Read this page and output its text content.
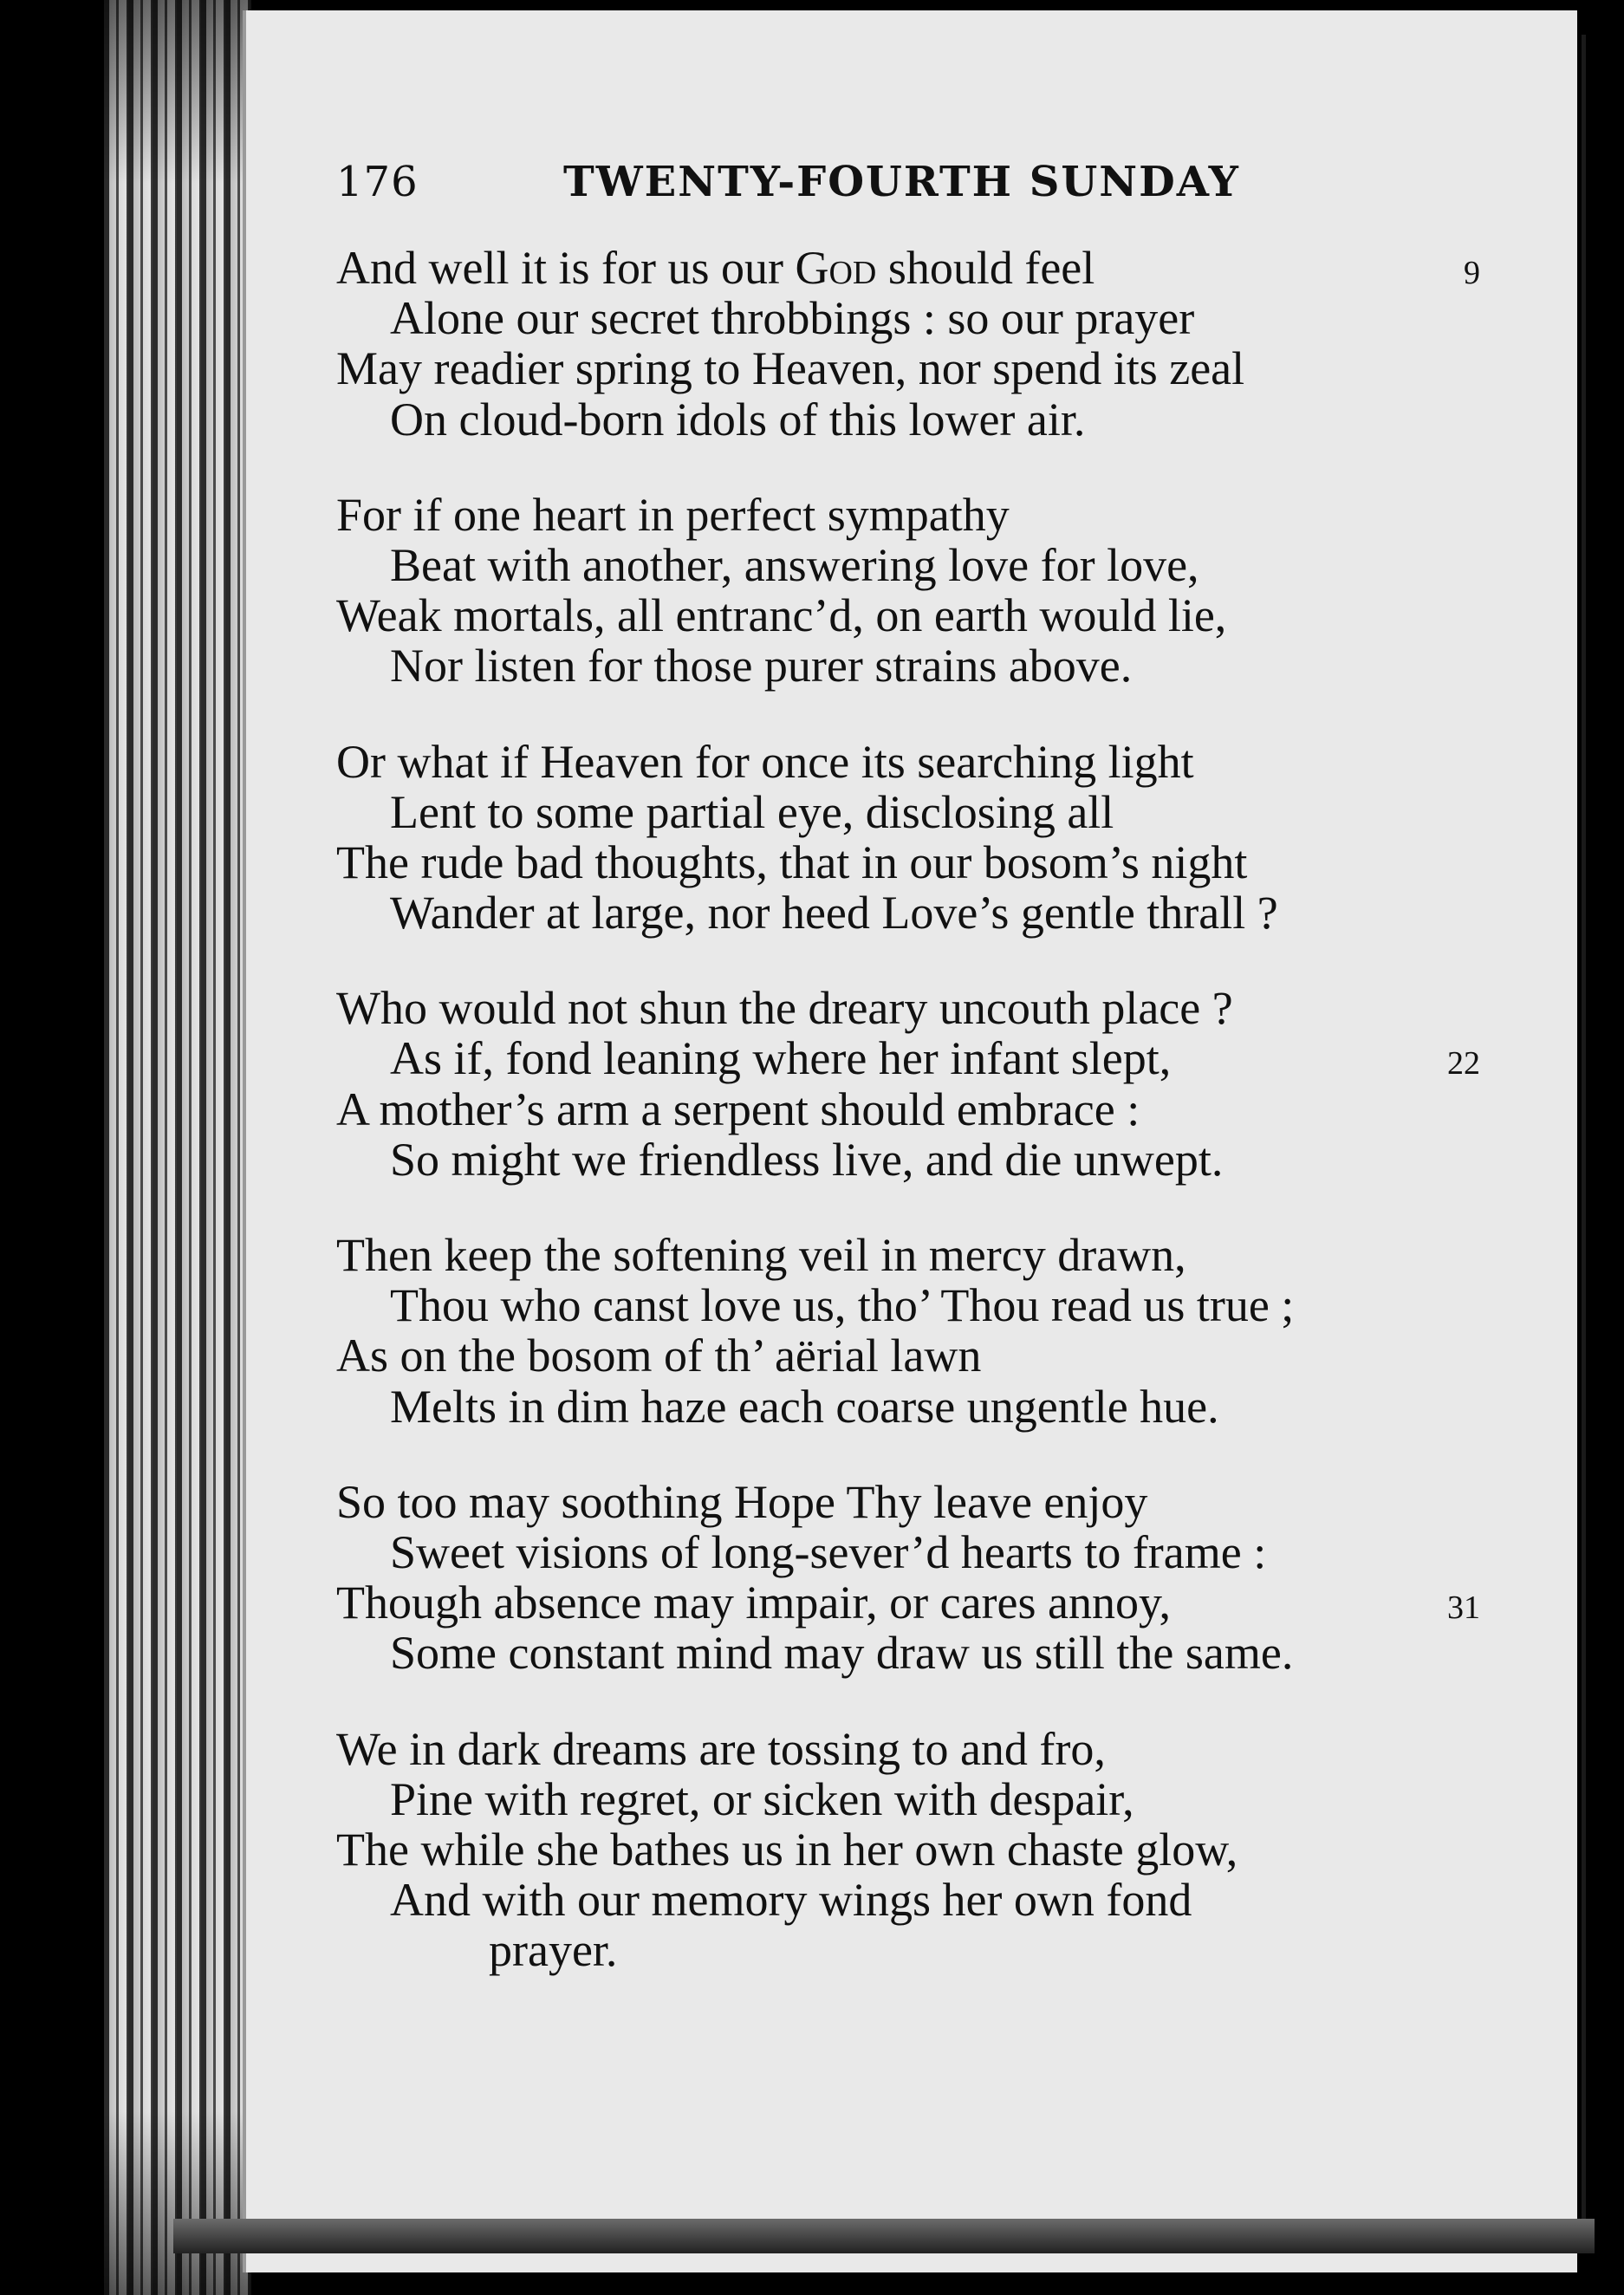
176	TWENTY-FOURTH SUNDAY
And well it is for us our God should feel	9
Alone our secret throbbings : so our prayer
May readier spring to Heaven, nor spend its zeal
On cloud-born idols of this lower air.
For if one heart in perfect sympathy
Beat with another, answering love for love,
Weak mortals, all entranc’d, on earth would lie,
Nor listen for those purer strains above.
Or what if Heaven for once its searching light
Lent to some partial eye, disclosing all
The rude bad thoughts, that in our bosom’s night
Wander at large, nor heed Love’s gentle thrall ?
Who would not shun the dreary uncouth place ?
As if, fond leaning where her infant slept,	22
A mother’s arm a serpent should embrace :
So might we friendless live, and die unwept.
Then keep the softening veil in mercy drawn,
Thou who canst love us, tho’ Thou read us true ;
As on the bosom of th’ aërial lawn
Melts in dim haze each coarse ungentle hue.
So too may soothing Hope Thy leave enjoy
Sweet visions of long-sever’d hearts to frame :
Though absence may impair, or cares annoy,	31
Some constant mind may draw us still the same.
We in dark dreams are tossing to and fro,
Pine with regret, or sicken with despair,
The while she bathes us in her own chaste glow,
And with our memory wings her own fond
prayer.
